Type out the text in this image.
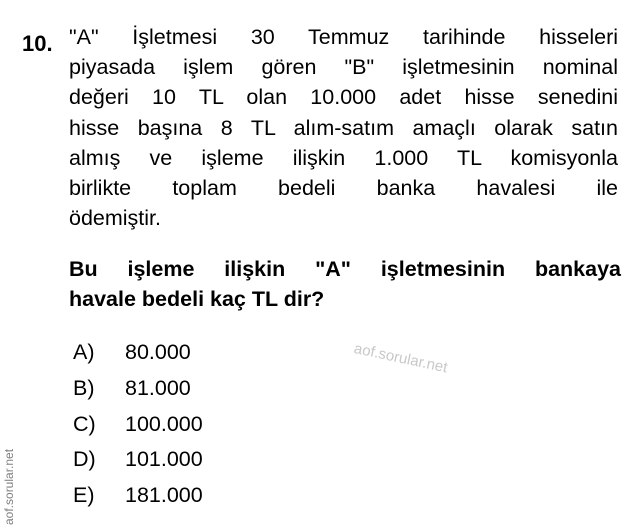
10. "A" İşletmesi 30 Temmuz tarihinde hisseleri
piyasada işlem gören "B" işletmesinin nominal
değeri 10 TL olan 10.000 adet hisse senedini
hisse başına 8 TL alım-satım amaçlı olarak satın
almış ve işleme ilişkin 1.000 TL komisyonla
birlikte toplam bedeli banka havalesi ile
ödemiştir.
Bu işleme ilişkin "A" işletmesinin bankaya
havale bedeli kaç TL dir?
A)	80.000
B)	81.000
C)	100.000
D)	101.000
E)	181.000
aof.sorular.net
aof.sorular.net
